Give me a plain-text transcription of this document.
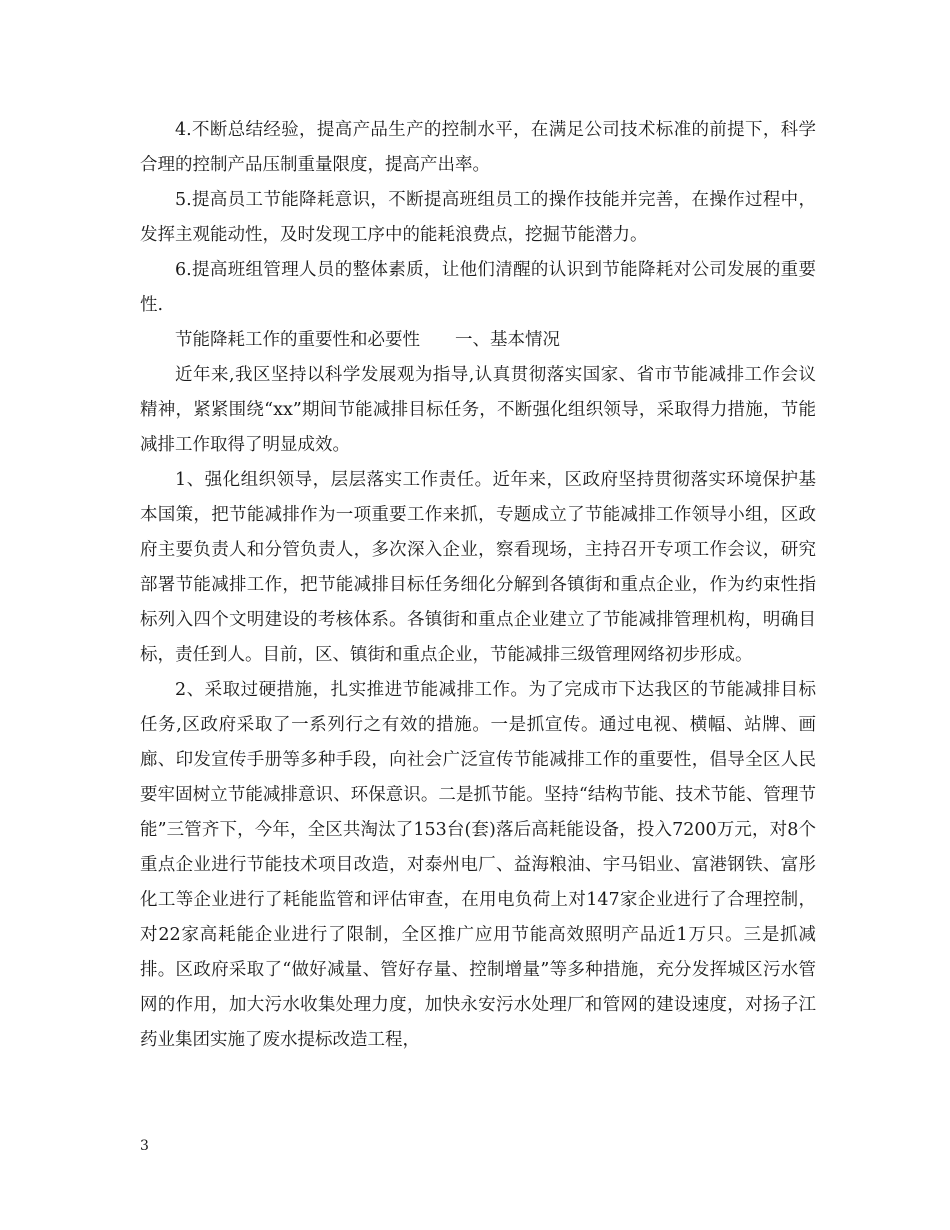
4.不断总结经验，提高产品生产的控制水平，在满足公司技术标准的前提下，科学合理的控制产品压制重量限度，提高产出率。

5.提高员工节能降耗意识，不断提高班组员工的操作技能并完善，在操作过程中，发挥主观能动性，及时发现工序中的能耗浪费点，挖掘节能潜力。

6.提高班组管理人员的整体素质，让他们清醒的认识到节能降耗对公司发展的重要性.

节能降耗工作的重要性和必要性　　一、基本情况

近年来,我区坚持以科学发展观为指导,认真贯彻落实国家、省市节能减排工作会议精神，紧紧围绕“xx”期间节能减排目标任务，不断强化组织领导，采取得力措施，节能减排工作取得了明显成效。

1、强化组织领导，层层落实工作责任。近年来，区政府坚持贯彻落实环境保护基本国策，把节能减排作为一项重要工作来抓，专题成立了节能减排工作领导小组，区政府主要负责人和分管负责人，多次深入企业，察看现场，主持召开专项工作会议，研究部署节能减排工作，把节能减排目标任务细化分解到各镇街和重点企业，作为约束性指标列入四个文明建设的考核体系。各镇街和重点企业建立了节能减排管理机构，明确目标，责任到人。目前，区、镇街和重点企业，节能减排三级管理网络初步形成。

2、采取过硬措施，扎实推进节能减排工作。为了完成市下达我区的节能减排目标任务,区政府采取了一系列行之有效的措施。一是抓宣传。通过电视、横幅、站牌、画廊、印发宣传手册等多种手段，向社会广泛宣传节能减排工作的重要性，倡导全区人民要牢固树立节能减排意识、环保意识。二是抓节能。坚持“结构节能、技术节能、管理节能”三管齐下，今年，全区共淘汰了153台(套)落后高耗能设备，投入7200万元，对8个重点企业进行节能技术项目改造，对泰州电厂、益海粮油、宇马铝业、富港钢铁、富彤化工等企业进行了耗能监管和评估审查，在用电负荷上对147家企业进行了合理控制，对22家高耗能企业进行了限制，全区推广应用节能高效照明产品近1万只。三是抓减排。区政府采取了“做好减量、管好存量、控制增量”等多种措施，充分发挥城区污水管网的作用，加大污水收集处理力度，加快永安污水处理厂和管网的建设速度，对扬子江药业集团实施了废水提标改造工程，

3
